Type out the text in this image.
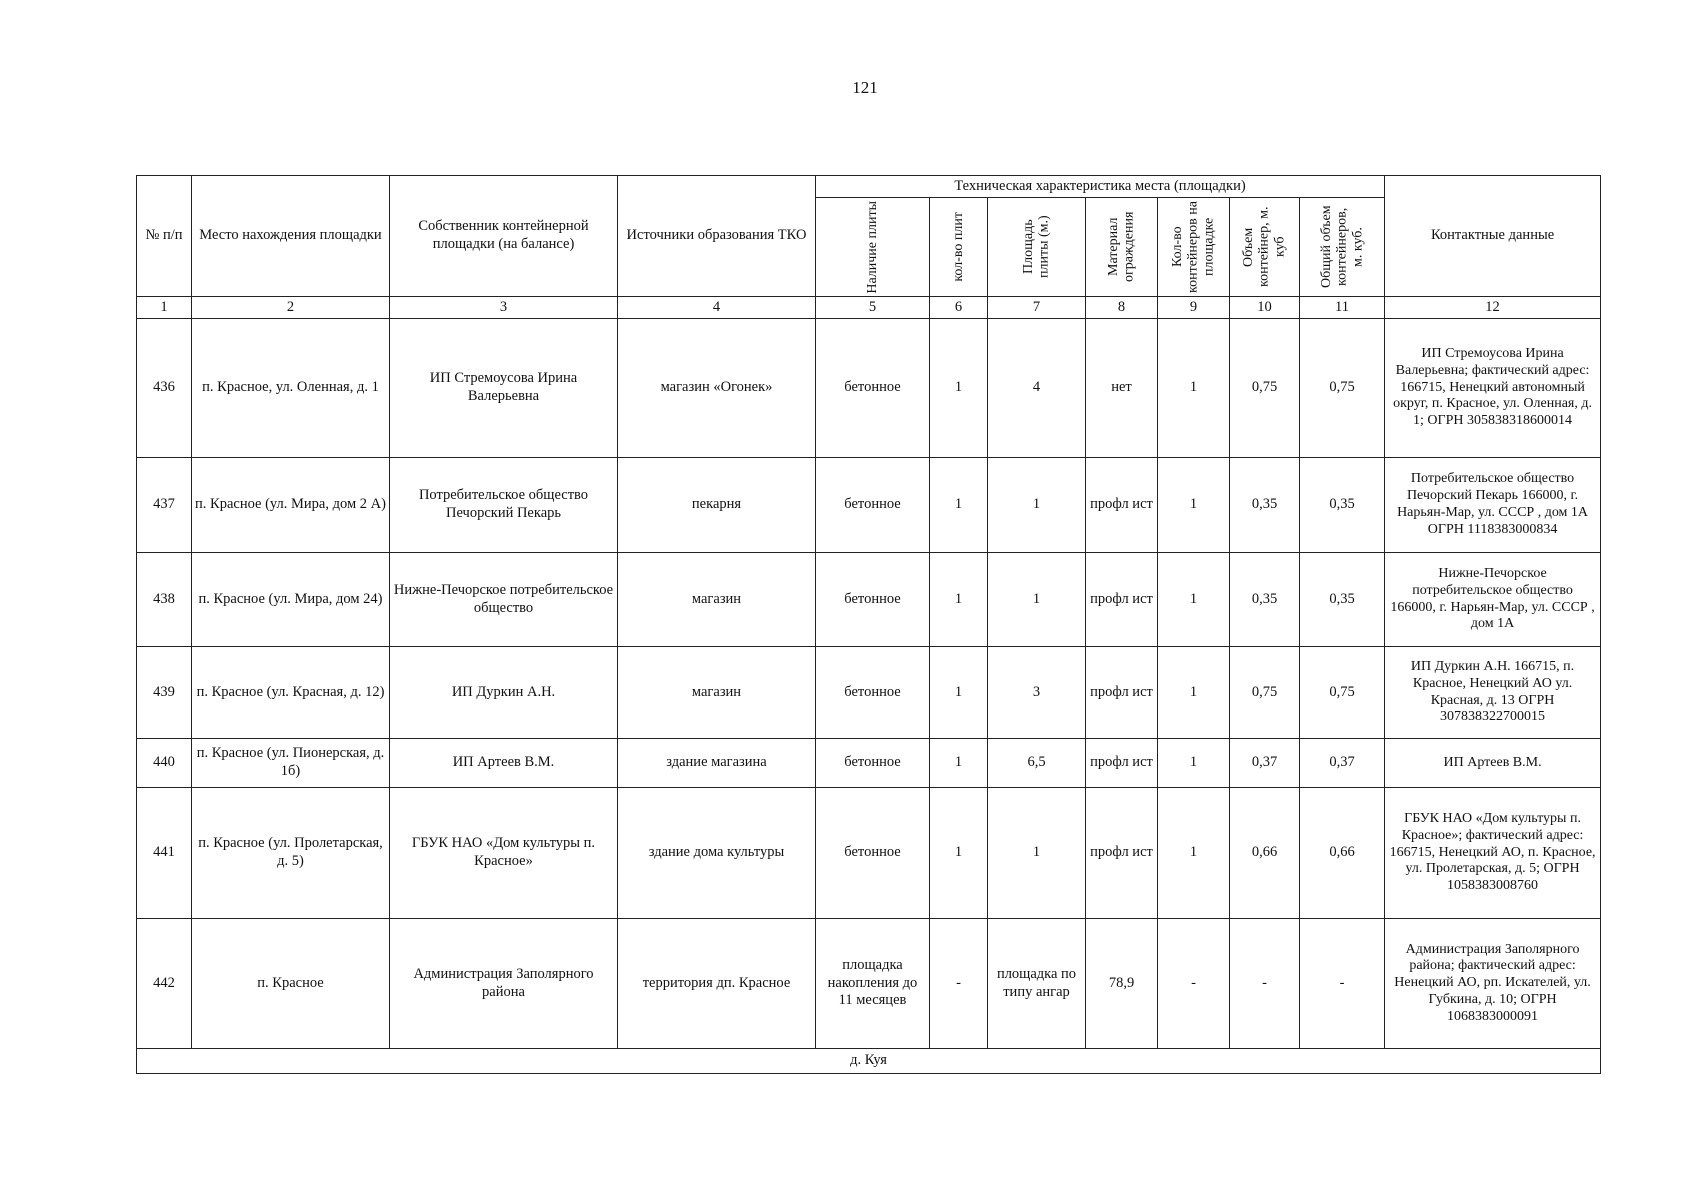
121
№ п/п	Место нахождения площадки	Собственник контейнерной площадки (на балансе)	Источники образования ТКО	Техническая характеристика места (площадки)							Контактные данные

				Наличие плиты	кол-во плит	Площадь плиты (м.)	Материал ограждения	Кол-во контейнеров на площадке	Объем контейнер, м. куб	Общий объем контейнеров, м. куб.	

1	2	3	4	5	6	7	8	9	10	11	12
436	п. Красное, ул. Оленная, д. 1	ИП Стремоусова Ирина Валерьевна	магазин «Огонек»	бетонное	1	4	нет	1	0,75	0,75	ИП Стремоусова Ирина Валерьевна; фактический адрес: 166715, Ненецкий автономный округ, п. Красное, ул. Оленная, д. 1; ОГРН 305838318600014
437	п. Красное (ул. Мира, дом 2 А)	Потребительское общество Печорский Пекарь	пекарня	бетонное	1	1	профл ист	1	0,35	0,35	Потребительское общество Печорский Пекарь 166000, г. Нарьян-Мар, ул. СССР , дом 1А ОГРН 1118383000834
438	п. Красное (ул. Мира, дом 24)	Нижне-Печорское потребительское общество	магазин	бетонное	1	1	профл ист	1	0,35	0,35	Нижне-Печорское потребительское общество 166000, г. Нарьян-Мар, ул. СССР , дом 1А
439	п. Красное (ул. Красная, д. 12)	ИП Дуркин А.Н.	магазин	бетонное	1	3	профл ист	1	0,75	0,75	ИП Дуркин А.Н. 166715, п. Красное, Ненецкий АО ул. Красная, д. 13 ОГРН 307838322700015
440	п. Красное (ул. Пионерская, д. 1б)	ИП Артеев В.М.	здание магазина	бетонное	1	6,5	профл ист	1	0,37	0,37	ИП Артеев В.М.
441	п. Красное (ул. Пролетарская, д. 5)	ГБУК НАО «Дом культуры п. Красное»	здание дома культуры	бетонное	1	1	профл ист	1	0,66	0,66	ГБУК НАО «Дом культуры п. Красное»; фактический адрес: 166715, Ненецкий АО, п. Красное, ул. Пролетарская, д. 5; ОГРН 1058383008760
442	п. Красное	Администрация Заполярного района	территория дп. Красное	площадка накопления до 11 месяцев	-	площадка по типу ангар	78,9	-	-	-	Администрация Заполярного района; фактический адрес: Ненецкий АО, рп. Искателей, ул. Губкина, д. 10; ОГРН 1068383000091
д. Куя											
